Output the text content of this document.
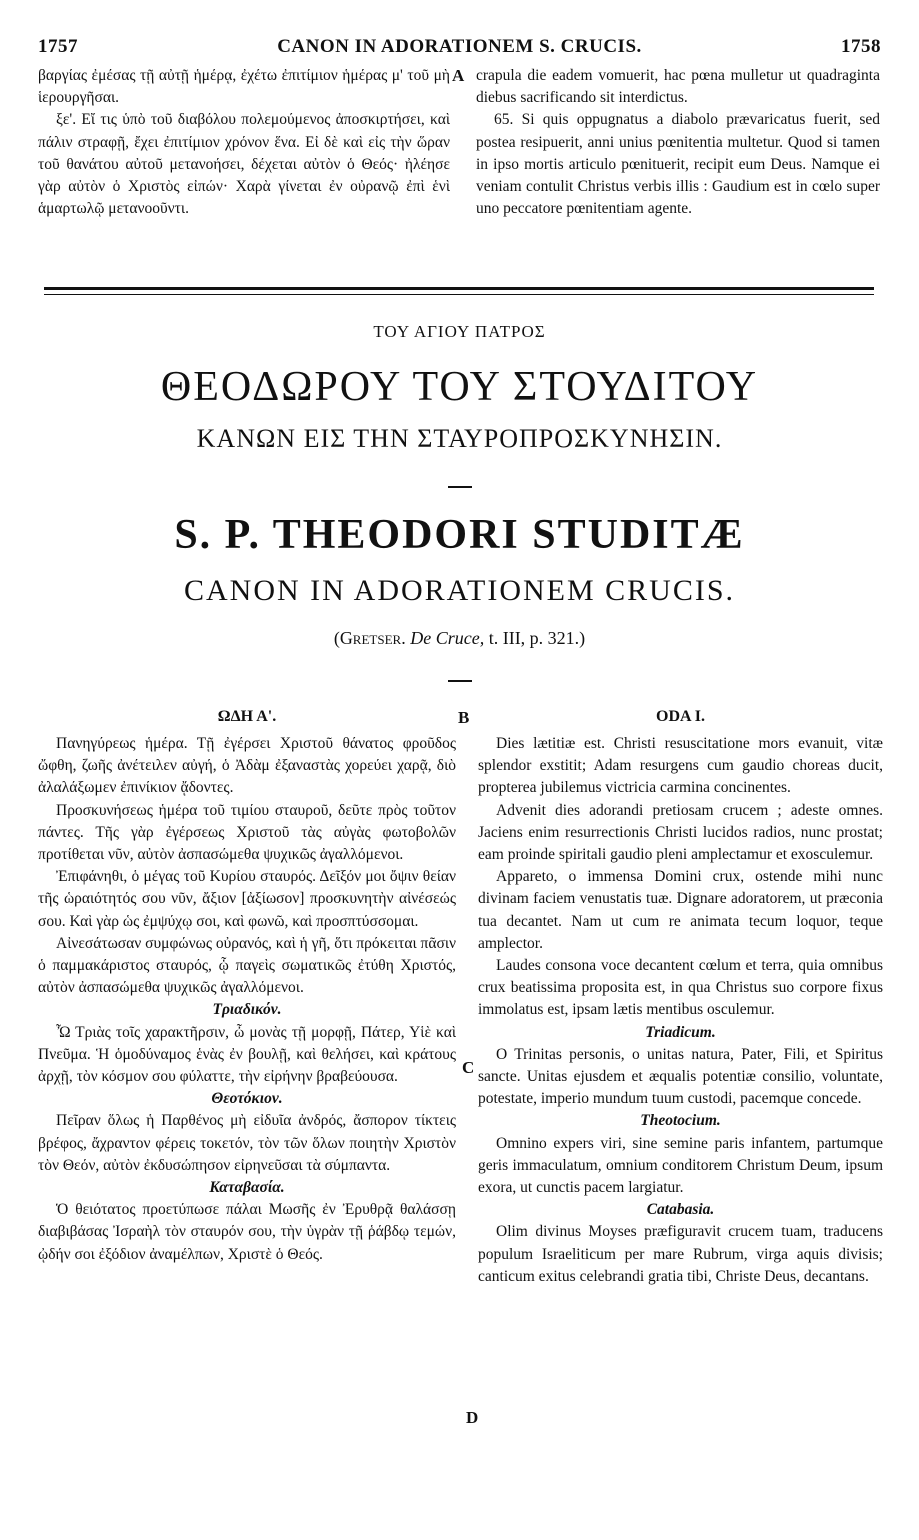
1757	CANON IN ADORATIONEM S. CRUCIS.	1758

βαργίας ἐμέσας τῇ αὐτῇ ἡμέρᾳ, ἐχέτω ἐπιτίμιον ἡμέρας μ' τοῦ μὴ ἱερουργῆσαι.

ξε'. Εἴ τις ὑπὸ τοῦ διαβόλου πολεμούμενος ἀποσκιρτήσει, καὶ πάλιν στραφῇ, ἔχει ἐπιτίμιον χρόνον ἕνα. Εἰ δὲ καὶ εἰς τὴν ὥραν τοῦ θανάτου αὐτοῦ μετανοήσει, δέχεται αὐτὸν ὁ Θεός· ἠλέησε γὰρ αὐτὸν ὁ Χριστὸς εἰπών· Χαρὰ γίνεται ἐν οὐρανῷ ἐπὶ ἑνὶ ἁμαρτωλῷ μετανοοῦντι.

A crapula die eadem vomuerit, hac pœna mulletur ut quadraginta diebus sacrificando sit interdictus.

65. Si quis oppugnatus a diabolo prævaricatus fuerit, sed postea resipuerit, anni unius pœnitentia multetur. Quod si tamen in ipso mortis articulo pœnituerit, recipit eum Deus. Namque ei veniam contulit Christus verbis illis : Gaudium est in cœlo super uno peccatore pœnitentiam agente.

ΤΟΥ ΑΓΙΟΥ ΠΑΤΡΟΣ
ΘΕΟΔΩΡΟΥ ΤΟΥ ΣΤΟΥΔΙΤΟΥ
ΚΑΝΩΝ ΕΙΣ ΤΗΝ ΣΤΑΥΡΟΠΡΟΣΚΥΝΗΣΙΝ.
S. P. THEODORI STUDITÆ
CANON IN ADORATIONEM CRUCIS.
(Gretser. De Cruce, t. III, p. 321.)
ΩΔΗ Α'.	B	ODA I.

Πανηγύρεως ἡμέρα. Τῇ ἐγέρσει Χριστοῦ θάνατος φροῦδος ὤφθη, ζωῆς ἀνέτειλεν αὐγή, ὁ Ἀδὰμ ἐξαναστὰς χορεύει χαρᾷ, διὸ ἀλαλάξωμεν ἐπινίκιον ᾄδοντες.

Προσκυνήσεως ἡμέρα τοῦ τιμίου σταυροῦ, δεῦτε πρὸς τοῦτον πάντες. Τῆς γὰρ ἐγέρσεως Χριστοῦ τὰς αὐγὰς φωτοβολῶν προτίθεται νῦν, αὐτὸν ἀσπασώμεθα ψυχικῶς ἀγαλλόμενοι.

Ἐπιφάνηθι, ὁ μέγας τοῦ Κυρίου σταυρός. Δεῖξόν μοι ὄψιν θείαν τῆς ὡραιότητός σου νῦν, ἄξιον [ἀξίωσον] προσκυνητὴν αἰνέσεώς σου. Καὶ γὰρ ὡς ἐμψύχῳ σοι, καὶ φωνῶ, καὶ προσπτύσσομαι.

Αἰνεσάτωσαν συμφώνως οὐρανός, καὶ ἡ γῆ, ὅτι πρόκειται πᾶσιν ὁ παμμακάριστος σταυρός, ᾧ παγεὶς σωματικῶς ἐτύθη Χριστός, αὐτὸν ἀσπασώμεθα ψυχικῶς ἀγαλλόμενοι.

Τριαδικόν.

Ὦ Τριὰς τοῖς χαρακτῆρσιν, ὦ μονὰς τῇ μορφῇ, Πάτερ, Υἱὲ καὶ Πνεῦμα. Ἡ ὁμοδύναμος ἑνὰς ἐν βουλῇ, καὶ θελήσει, καὶ κράτους ἀρχῇ, τὸν κόσμον σου φύλαττε, τὴν εἰρήνην βραβεύουσα.

Θεοτόκιον.

Πεῖραν ὅλως ἡ Παρθένος μὴ εἰδυῖα ἀνδρός, ἄσπορον τίκτεις βρέφος, ἄχραντον φέρεις τοκετόν, τὸν τῶν ὅλων ποιητὴν Χριστὸν τὸν Θεόν, αὐτὸν ἐκδυσώπησον εἰρηνεῦσαι τὰ σύμπαντα.

Καταβασία.

Ὁ θειότατος προετύπωσε πάλαι Μωσῆς ἐν Ἐρυθρᾷ θαλάσσῃ διαβιβάσας Ἰσραὴλ τὸν σταυρόν σου, τὴν ὑγρὰν τῇ ῥάβδῳ τεμών, ᾠδήν σοι ἐξόδιον ἀναμέλπων, Χριστὲ ὁ Θεός.

C
D

Dies lætitiæ est. Christi resuscitatione mors evanuit, vitæ splendor exstitit; Adam resurgens cum gaudio choreas ducit, propterea jubilemus victricia carmina concinentes.

Advenit dies adorandi pretiosam crucem ; adeste omnes. Jaciens enim resurrectionis Christi lucidos radios, nunc prostat; eam proinde spiritali gaudio pleni amplectamur et exosculemur.

Appareto, o immensa Domini crux, ostende mihi nunc divinam faciem venustatis tuæ. Dignare adoratorem, ut præconia tua decantet. Nam ut cum re animata tecum loquor, teque amplector.

Laudes consona voce decantent cœlum et terra, quia omnibus crux beatissima proposita est, in qua Christus suo corpore fixus immolatus est, ipsam lætis mentibus osculemur.

Triadicum.

O Trinitas personis, o unitas natura, Pater, Fili, et Spiritus sancte. Unitas ejusdem et æqualis potentiæ consilio, voluntate, potestate, imperio mundum tuum custodi, pacemque concede.

Theotocium.

Omnino expers viri, sine semine paris infantem, partumque geris immaculatum, omnium conditorem Christum Deum, ipsum exora, ut cunctis pacem largiatur.

Catabasia.

Olim divinus Moyses præfiguravit crucem tuam, traducens populum Israeliticum per mare Rubrum, virga aquis divisis; canticum exitus celebrandi gratia tibi, Christe Deus, decantans.
